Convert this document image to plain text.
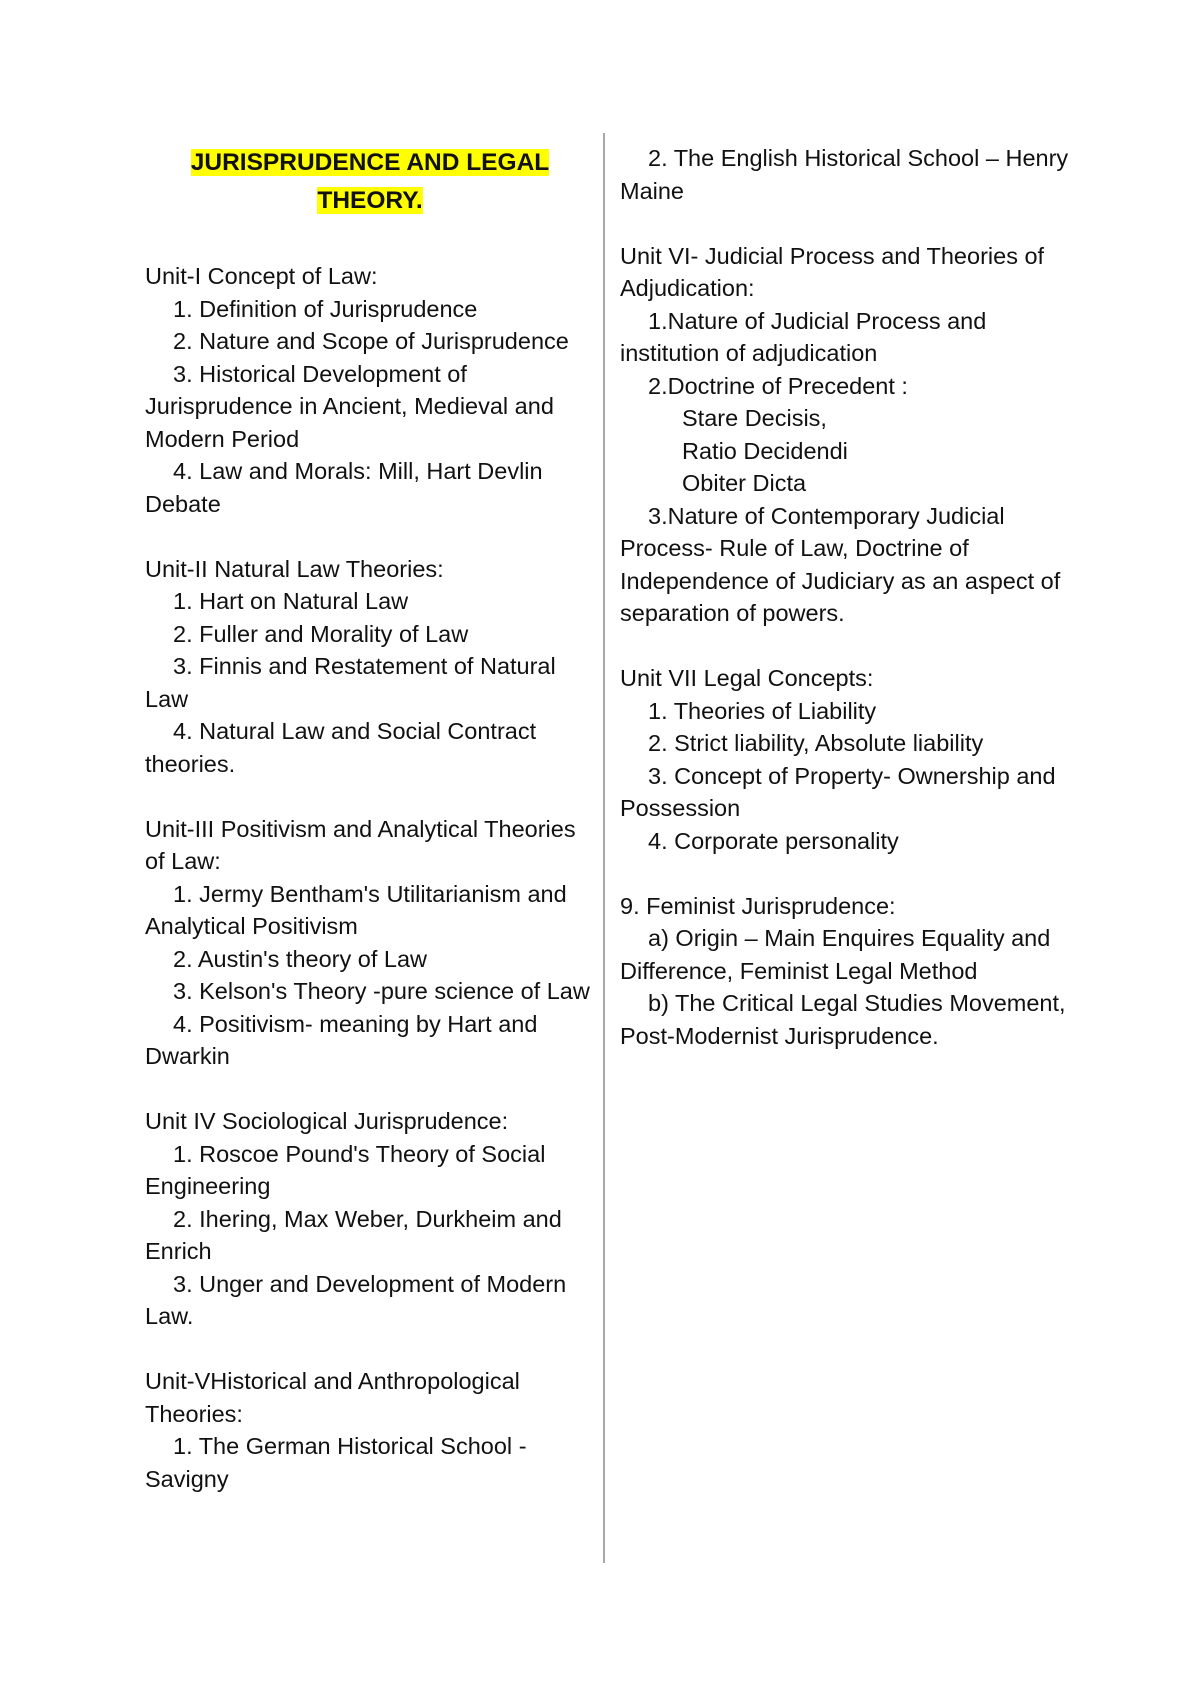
JURISPRUDENCE AND LEGAL
THEORY.

Unit-I Concept of Law:

1. Definition of Jurisprudence

2. Nature and Scope of Jurisprudence

3. Historical Development of Jurisprudence in Ancient, Medieval and Modern Period

4. Law and Morals: Mill, Hart Devlin Debate

Unit-II Natural Law Theories:

1. Hart on Natural Law

2. Fuller and Morality of Law

3. Finnis and Restatement of Natural Law

4. Natural Law and Social Contract theories.

Unit-III Positivism and Analytical Theories of Law:

1. Jermy Bentham's Utilitarianism and Analytical Positivism

2. Austin's theory of Law

3. Kelson's Theory -pure science of Law

4. Positivism- meaning by Hart and Dwarkin

Unit IV Sociological Jurisprudence:

1. Roscoe Pound's Theory of Social Engineering

2. Ihering, Max Weber, Durkheim and Enrich

3. Unger and Development of Modern Law.

Unit-VHistorical and Anthropological Theories:

1. The German Historical School -Savigny

2. The English Historical School – Henry Maine

Unit VI- Judicial Process and Theories of Adjudication:

1.Nature of Judicial Process and institution of adjudication

2.Doctrine of Precedent :

Stare Decisis,

Ratio Decidendi

Obiter Dicta

3.Nature of Contemporary Judicial Process- Rule of Law, Doctrine of Independence of Judiciary as an aspect of separation of powers.

Unit VII Legal Concepts:

1. Theories of Liability

2. Strict liability, Absolute liability

3. Concept of Property- Ownership and Possession

4. Corporate personality

9. Feminist Jurisprudence:

a) Origin – Main Enquires Equality and Difference, Feminist Legal Method

b) The Critical Legal Studies Movement, Post-Modernist Jurisprudence.
